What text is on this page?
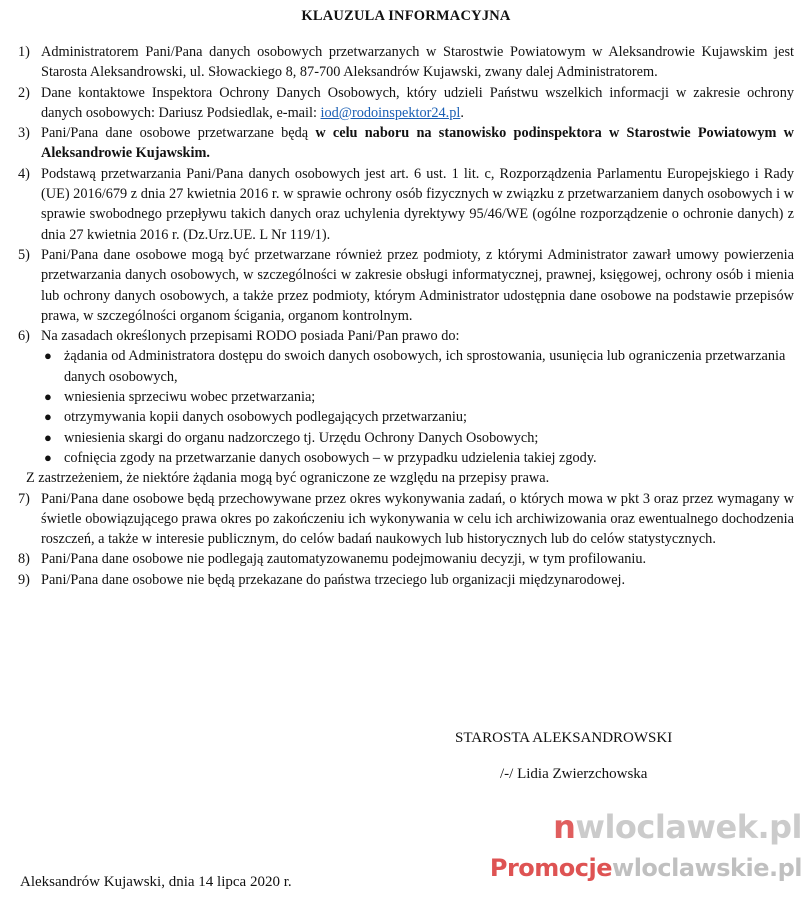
KLAUZULA INFORMACYJNA
1) Administratorem Pani/Pana danych osobowych przetwarzanych w Starostwie Powiatowym w Aleksandrowie Kujawskim jest Starosta Aleksandrowski, ul. Słowackiego 8, 87-700 Aleksandrów Kujawski, zwany dalej Administratorem.
2) Dane kontaktowe Inspektora Ochrony Danych Osobowych, który udzieli Państwu wszelkich informacji w zakresie ochrony danych osobowych: Dariusz Podsiedlak, e-mail: iod@rodoinspektor24.pl.
3) Pani/Pana dane osobowe przetwarzane będą w celu naboru na stanowisko podinspektora w Starostwie Powiatowym w Aleksandrowie Kujawskim.
4) Podstawą przetwarzania Pani/Pana danych osobowych jest art. 6 ust. 1 lit. c, Rozporządzenia Parlamentu Europejskiego i Rady (UE) 2016/679 z dnia 27 kwietnia 2016 r. w sprawie ochrony osób fizycznych w związku z przetwarzaniem danych osobowych i w sprawie swobodnego przepływu takich danych oraz uchylenia dyrektywy 95/46/WE (ogólne rozporządzenie o ochronie danych) z dnia 27 kwietnia 2016 r. (Dz.Urz.UE. L Nr 119/1).
5) Pani/Pana dane osobowe mogą być przetwarzane również przez podmioty, z którymi Administrator zawarł umowy powierzenia przetwarzania danych osobowych, w szczególności w zakresie obsługi informatycznej, prawnej, księgowej, ochrony osób i mienia lub ochrony danych osobowych, a także przez podmioty, którym Administrator udostępnia dane osobowe na podstawie przepisów prawa, w szczególności organom ścigania, organom kontrolnym.
6) Na zasadach określonych przepisami RODO posiada Pani/Pan prawo do:
● żądania od Administratora dostępu do swoich danych osobowych, ich sprostowania, usunięcia lub ograniczenia przetwarzania danych osobowych,
● wniesienia sprzeciwu wobec przetwarzania;
● otrzymywania kopii danych osobowych podlegających przetwarzaniu;
● wniesienia skargi do organu nadzorczego tj. Urzędu Ochrony Danych Osobowych;
● cofnięcia zgody na przetwarzanie danych osobowych – w przypadku udzielenia takiej zgody.
Z zastrzeżeniem, że niektóre żądania mogą być ograniczone ze względu na przepisy prawa.
7) Pani/Pana dane osobowe będą przechowywane przez okres wykonywania zadań, o których mowa w pkt 3 oraz przez wymagany w świetle obowiązującego prawa okres po zakończeniu ich wykonywania w celu ich archiwizowania oraz ewentualnego dochodzenia roszczeń, a także w interesie publicznym, do celów badań naukowych lub historycznych lub do celów statystycznych.
8) Pani/Pana dane osobowe nie podlegają zautomatyzowanemu podejmowaniu decyzji, w tym profilowaniu.
9) Pani/Pana dane osobowe nie będą przekazane do państwa trzeciego lub organizacji międzynarodowej.
STAROSTA ALEKSANDROWSKI
/-/ Lidia Zwierzchowska
nwloclawek.pl
Promocjewloclawskie.pl
Aleksandrów Kujawski, dnia 14 lipca 2020 r.
